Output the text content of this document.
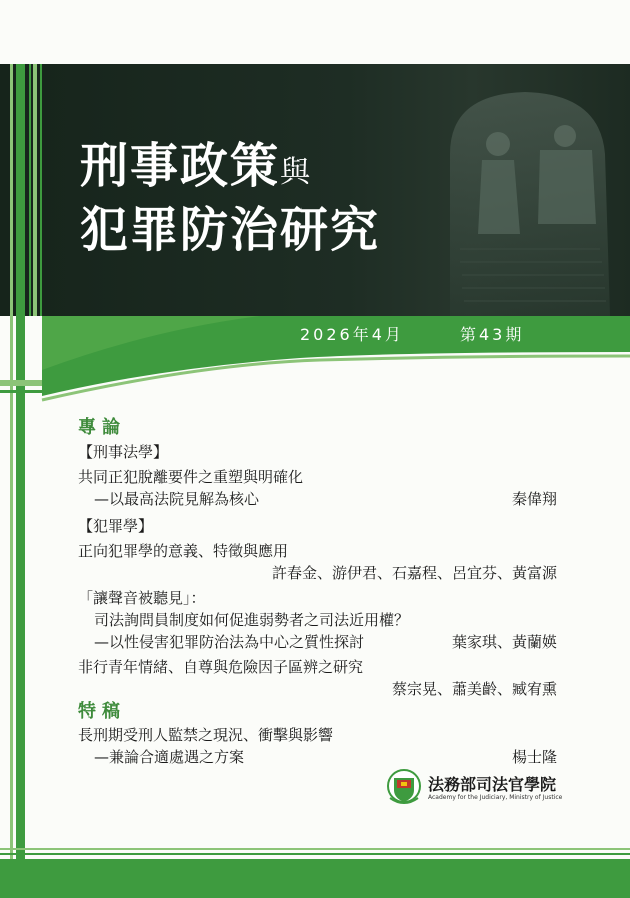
刑事政策與
犯罪防治研究
2026年4月	第43期
專論
【刑事法學】
共同正犯脫離要件之重塑與明確化
—以最高法院見解為核心	秦偉翔
【犯罪學】
正向犯罪學的意義、特徵與應用
許春金、游伊君、石嘉程、呂宜芬、黃富源
「讓聲音被聽見」：
司法詢問員制度如何促進弱勢者之司法近用權？
—以性侵害犯罪防治法為中心之質性探討	葉家琪、黃蘭媖
非行青年情緒、自尊與危險因子區辨之研究
蔡宗晃、蕭美齡、臧宥熏
特稿
長刑期受刑人監禁之現況、衝擊與影響
—兼論合適處遇之方案	楊士隆
法務部司法官學院
Academy for the Judiciary, Ministry of Justice
